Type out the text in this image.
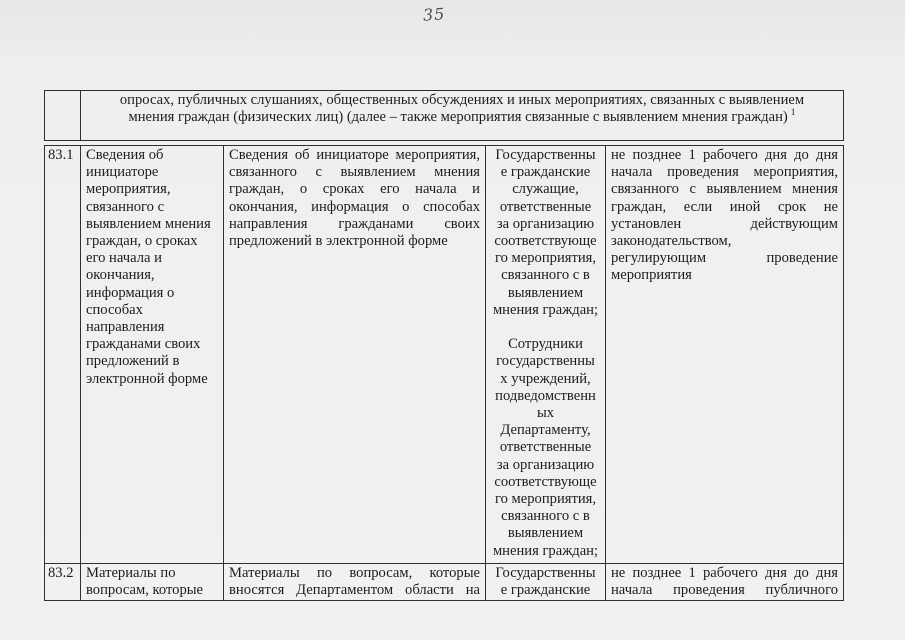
35
опросах, публичных слушаниях, общественных обсуждениях и иных мероприятиях, связанных с выявлением
мнения граждан (физических лиц) (далее – также мероприятия связанные с выявлением мнения граждан) $^1$
83.1 Сведения об
инициаторе
мероприятия,
связанного с
выявлением мнения
граждан, о сроках
его начала и
окончания,
информация о
способах
направления
гражданами своих
предложений в
электронной форме
Сведения об инициаторе мероприятия,
связанного с выявлением мнения
граждан, о сроках его начала и
окончания, информация о способах
направления гражданами своих
предложений в электронной форме
Государственны
е гражданские
служащие,
ответственные
за организацию
соответствующе
го мероприятия,
связанного с в
выявлением
мнения граждан;
Сотрудники
государственны
х учреждений,
подведомственн
ых
Департаменту,
ответственные
за организацию
соответствующе
го мероприятия,
связанного с в
выявлением
мнения граждан;
не позднее 1 рабочего дня до дня
начала проведения мероприятия,
связанного с выявлением мнения
граждан, если иной срок не
установлен действующим
законодательством,
регулирующим проведение
мероприятия
83.2 Материалы по
вопросам, которые
Материалы по вопросам, которые
вносятся Департаментом области на
Государственны
е гражданские
не позднее 1 рабочего дня до дня
начала проведения публичного
